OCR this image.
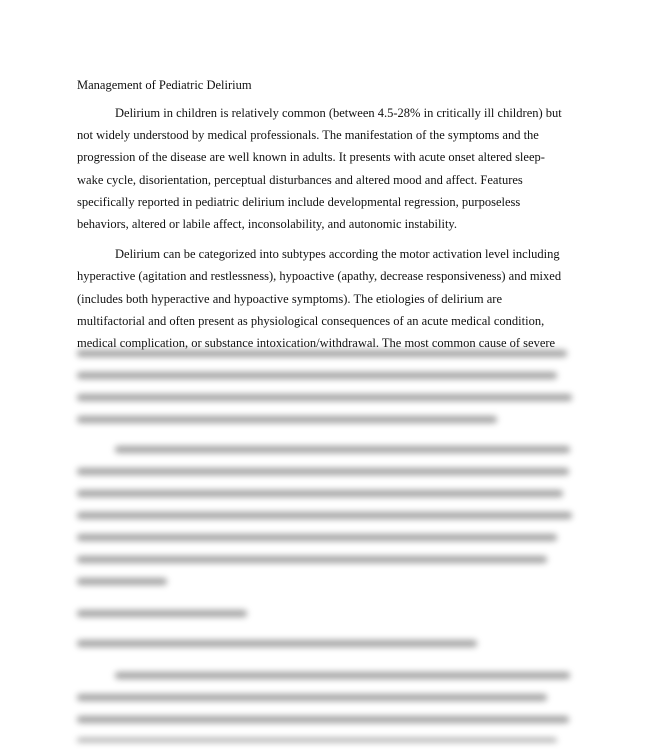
Management of Pediatric Delirium
Delirium in children is relatively common (between 4.5-28% in critically ill children) but
not widely understood by medical professionals. The manifestation of the symptoms and the
progression of the disease are well known in adults. It presents with acute onset altered sleep-
wake cycle, disorientation, perceptual disturbances and altered mood and affect. Features
specifically reported in pediatric delirium include developmental regression, purposeless
behaviors, altered or labile affect, inconsolability, and autonomic instability.
Delirium can be categorized into subtypes according the motor activation level including
hyperactive (agitation and restlessness), hypoactive (apathy, decrease responsiveness) and mixed
(includes both hyperactive and hypoactive symptoms). The etiologies of delirium are
multifactorial and often present as physiological consequences of an acute medical condition,
medical complication, or substance intoxication/withdrawal. The most common cause of severe
